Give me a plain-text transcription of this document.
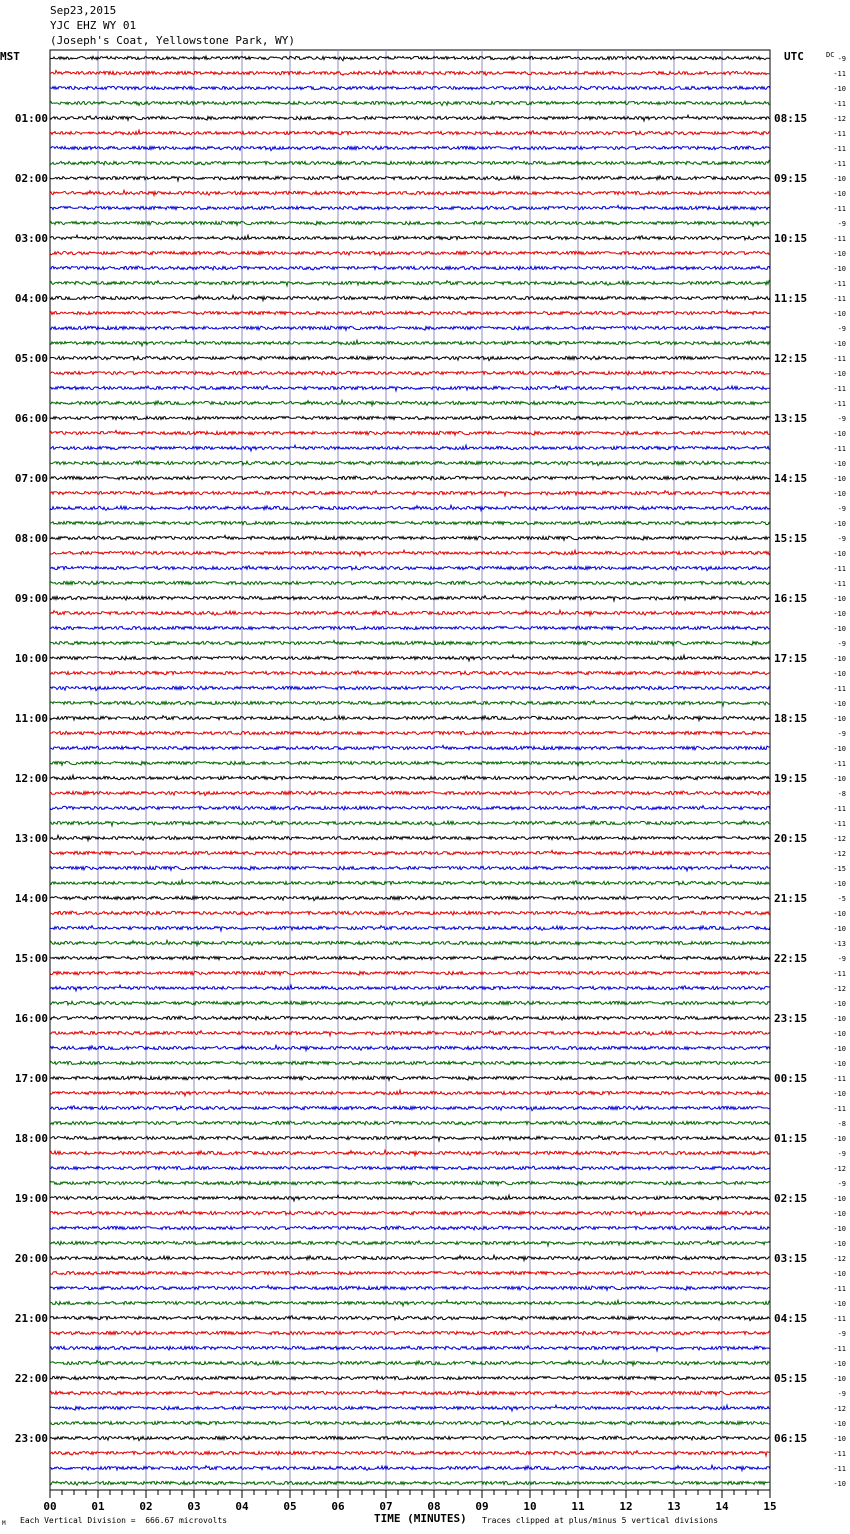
Sep23,2015
YJC EHZ WY 01
(Joseph's Coat, Yellowstone Park, WY)
MST	UTC	-9
-11
-10
-11
-12
-11
-11
-11
-10
-10
-11
-9
-11
-10
-10
-11
-11
-10
-9
-10
-11
-10
-11
-11
-9
-10
-11
-10
-10
-10
-9
-10
-9
-10
-11
-11
-10
-10
-10
-9
-10
-10
-11
-10
-10
-9
-10
-11
-10
-8
-11
-11
-12
-12
-15
-10
-5
-10
-10
-13
-9
-11
-12
-10
-10
-10
-10
-10
-11
-10
-11
-8
-10
-9
-12
-9
-10
-10
-10
-10
-12
-10
-11
-10
-11
-9
-11
-10
-10
-9
-12
-10
-10
-11
-11
-10
DC
01:00
02:00
03:00
04:00
05:00
06:00
07:00
08:00
09:00
10:00
11:00
12:00
13:00
14:00
15:00
16:00
17:00
18:00
19:00
20:00
21:00
22:00
23:00
08:15
09:15
10:15
11:15
12:15
13:15
14:15
15:15
16:15
17:15
18:15
19:15
20:15
21:15
22:15
23:15
00:15
01:15
02:15
03:15
04:15
05:15
06:15
00	01	02	03	04	05	06	07	08	09	10	11	12	13	14	15
TIME (MINUTES)
Each Vertical Division =  666.67 microvolts	Traces clipped at plus/minus 5 vertical divisions
M
